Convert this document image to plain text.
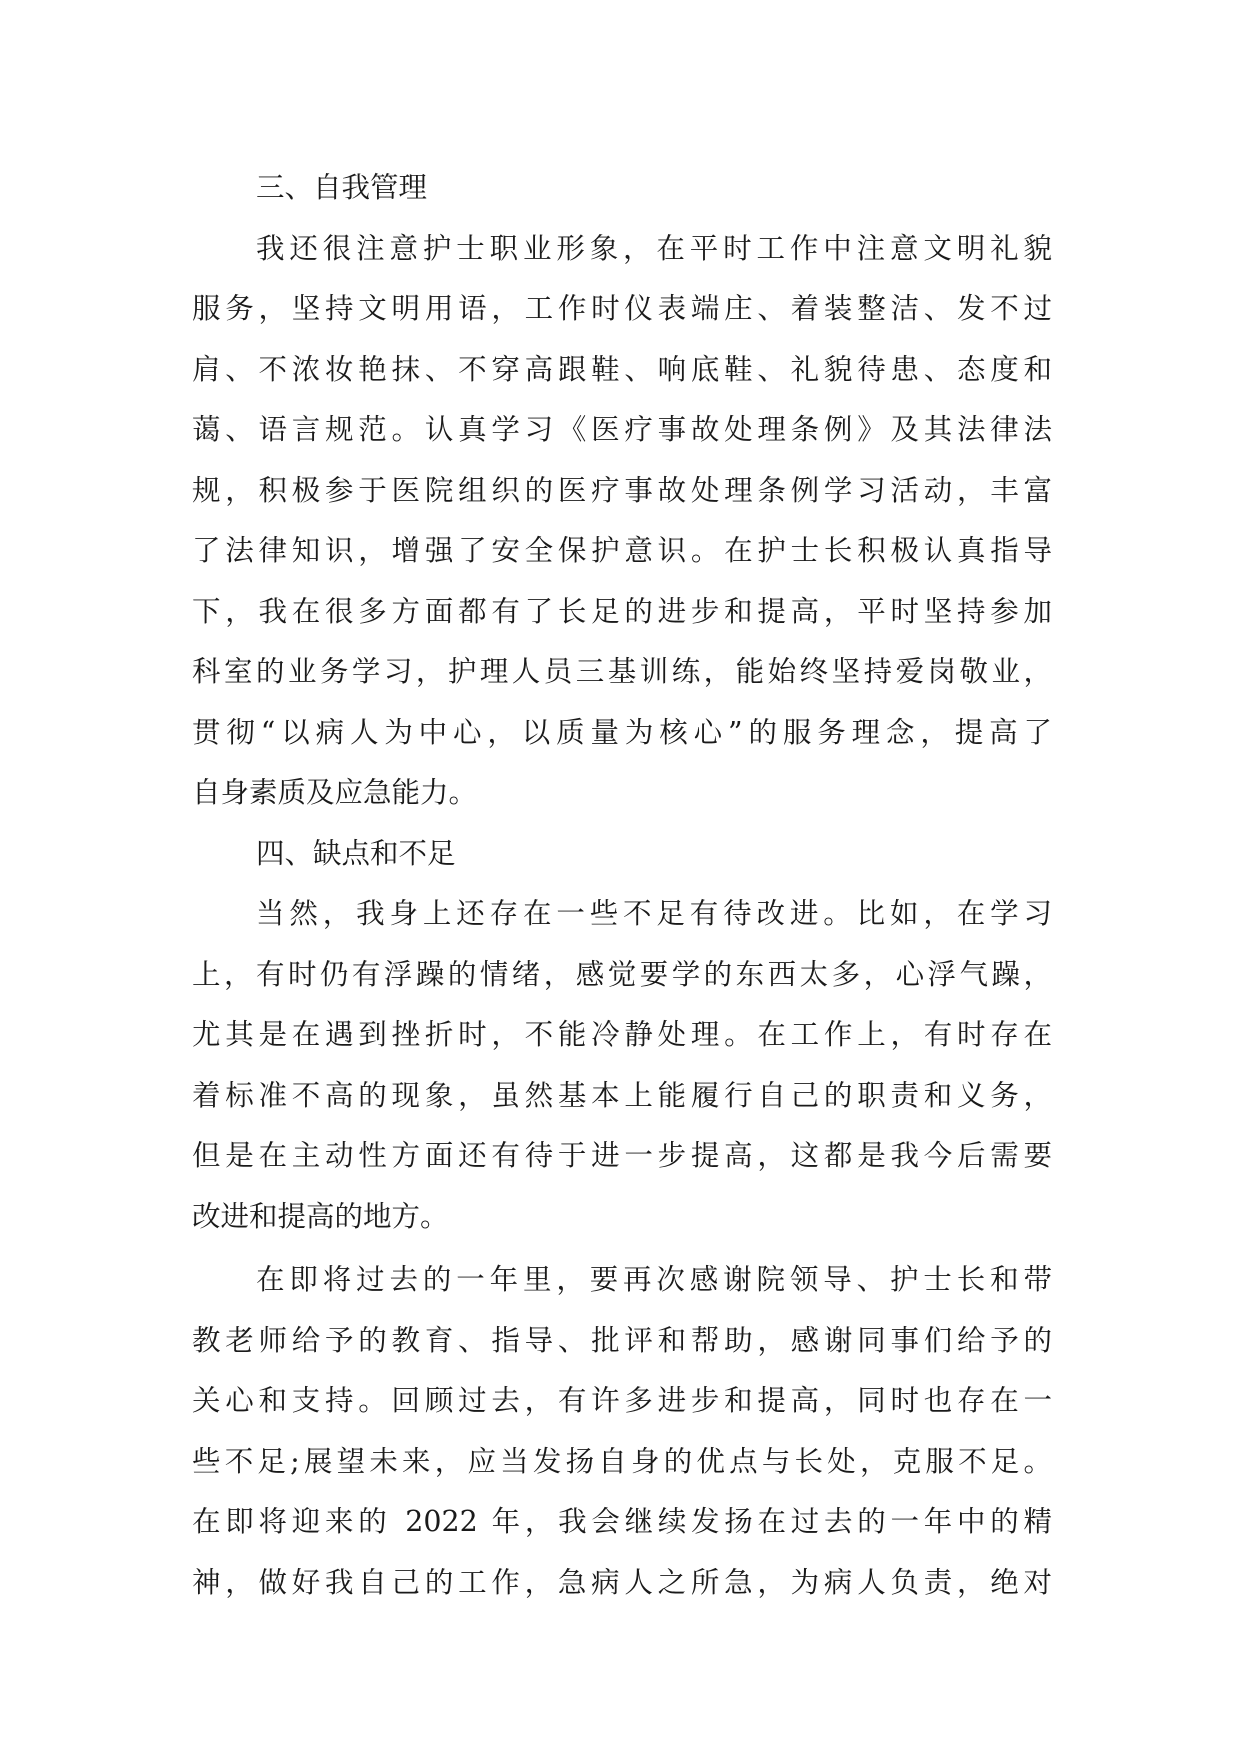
三、自我管理
我还很注意护士职业形象，在平时工作中注意文明礼貌
服务，坚持文明用语，工作时仪表端庄、着装整洁、发不过
肩、不浓妆艳抹、不穿高跟鞋、响底鞋、礼貌待患、态度和
蔼、语言规范。认真学习《医疗事故处理条例》及其法律法
规，积极参于医院组织的医疗事故处理条例学习活动，丰富
了法律知识，增强了安全保护意识。在护士长积极认真指导
下，我在很多方面都有了长足的进步和提高，平时坚持参加
科室的业务学习，护理人员三基训练，能始终坚持爱岗敬业，
贯彻“以病人为中心，以质量为核心”的服务理念，提高了
自身素质及应急能力。
四、缺点和不足
当然，我身上还存在一些不足有待改进。比如，在学习
上，有时仍有浮躁的情绪，感觉要学的东西太多，心浮气躁，
尤其是在遇到挫折时，不能冷静处理。在工作上，有时存在
着标准不高的现象，虽然基本上能履行自己的职责和义务，
但是在主动性方面还有待于进一步提高，这都是我今后需要
改进和提高的地方。
在即将过去的一年里，要再次感谢院领导、护士长和带
教老师给予的教育、指导、批评和帮助，感谢同事们给予的
关心和支持。回顾过去，有许多进步和提高，同时也存在一
些不足;展望未来，应当发扬自身的优点与长处，克服不足。
在即将迎来的 2022 年，我会继续发扬在过去的一年中的精
神，做好我自己的工作，急病人之所急，为病人负责，绝对
